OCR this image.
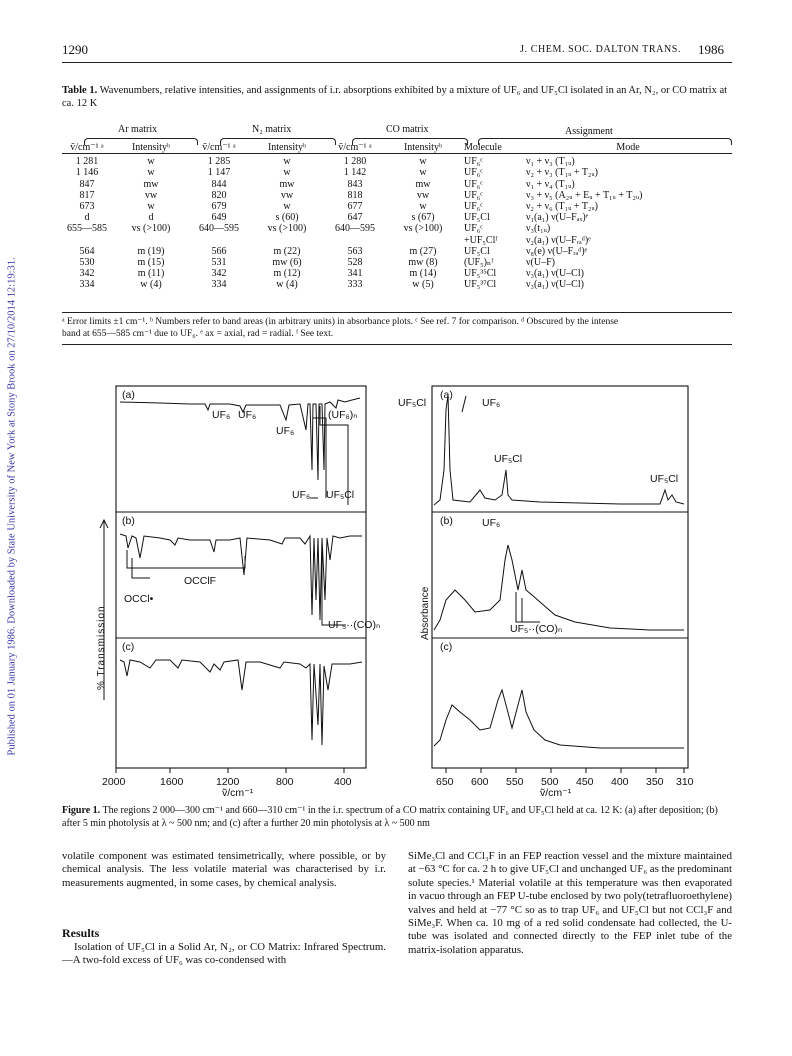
Published on 01 January 1986. Downloaded by State University of New York at Stony Brook on 27/10/2014 12:19:31.
1290	J. CHEM. SOC. DALTON TRANS. 1986
Table 1. Wavenumbers, relative intensities, and assignments of i.r. absorptions exhibited by a mixture of UF₆ and UF₅Cl isolated in an Ar, N₂, or CO matrix at ca. 12 K
Ar matrix	N₂ matrix	CO matrix	Assignment
ṽ/cm⁻¹ ᵃ	Intensityᵇ	ṽ/cm⁻¹ ᵃ	Intensityᵇ	ṽ/cm⁻¹ ᵃ	Intensityᵇ	Molecule	Mode
1 281	w	1 285	w	1 280	w	UF₆ᶜ	ν₁ + ν₃ (T₁ᵤ)
1 146	w	1 147	w	1 142	w	UF₆ᶜ	ν₂ + ν₃ (T₁ᵤ + T₂ᵤ)
847	mw	844	mw	843	mw	UF₆ᶜ	ν₁ + ν₄ (T₁ᵤ)
817	vw	820	vw	818	vw	UF₆ᶜ	ν₃ + ν₅ (A₂ᵤ + Eᵤ + T₁ᵤ + T₂ᵤ)
673	w	679	w	677	w	UF₆ᶜ	ν₂ + ν₆ (T₁ᵤ + T₂ᵤ)
d	d	649	s (60)	647	s (67)	UF₅Cl	ν₁(a₁) ν(U–Fₐₓ)ᵉ
655—585	vs (>100)	640—595	vs (>100)	640—595	vs (>100)	UF₆ᶜ	ν₃(t₁ᵤ)
						+UF₅Clᶠ	ν₂(a₁) ν(U–Fᵣₐᵈ)ᵉ
564	m (19)	566	m (22)	563	m (27)	UF₅Cl	ν₈(e) ν(U–Fᵣₐᵈ)ᵉ
530	m (15)	531	mw (6)	528	mw (8)	(UF₅)ₙᶠ	ν(U–F)
342	m (11)	342	m (12)	341	m (14)	UF₅³⁵Cl	ν₃(a₁) ν(U–Cl)
334	w (4)	334	w (4)	333	w (5)	UF₅³⁷Cl	ν₃(a₁) ν(U–Cl)
ᵃ Error limits ±1 cm⁻¹. ᵇ Numbers refer to band areas (in arbitrary units) in absorbance plots. ᶜ See ref. 7 for comparison. ᵈ Obscured by the intense
band at 655—585 cm⁻¹ due to UF₆. ᵉ ax = axial, rad = radial. ᶠ See text.
2000	1600	1200	800	400
ṽ/cm⁻¹
650 600 550 500 450 400 350 310
ṽ/cm⁻¹
(a)
(b)
(c)
(a)
(b)
(c)
UF₆ UF₆
UF₆
(UF₆)ₙ
UF₆ UF₅Cl
OCClF
OCCl•
UF₅··(CO)ₙ
UF₅Cl	UF₆
UF₅Cl
UF₅Cl
UF₆
UF₅··(CO)ₙ
% Transmission	Absorbance
Figure 1. The regions 2 000—300 cm⁻¹ and 660—310 cm⁻¹ in the i.r. spectrum of a CO matrix containing UF₆ and UF₅Cl held at ca. 12 K: (a) after deposition; (b) after 5 min photolysis at λ ~ 500 nm; and (c) after a further 20 min photolysis at λ ~ 500 nm
volatile component was estimated tensimetrically, where possible, or by chemical analysis. The less volatile material was characterised by i.r. measurements augmented, in some cases, by chemical analysis.
Results
Isolation of UF₅Cl in a Solid Ar, N₂, or CO Matrix: Infrared Spectrum.—A two-fold excess of UF₆ was co-condensed with
SiMe₃Cl and CCl₃F in an FEP reaction vessel and the mixture maintained at −63 °C for ca. 2 h to give UF₅Cl and unchanged UF₆ as the predominant solute species.¹ Material volatile at this temperature was then evaporated in vacuo through an FEP U-tube enclosed by two poly(tetrafluoroethylene) valves and held at −77 °C so as to trap UF₆ and UF₅Cl but not CCl₃F and SiMe₃F. When ca. 10 mg of a red solid condensate had collected, the U-tube was isolated and connected directly to the FEP inlet tube of the matrix-isolation apparatus.
